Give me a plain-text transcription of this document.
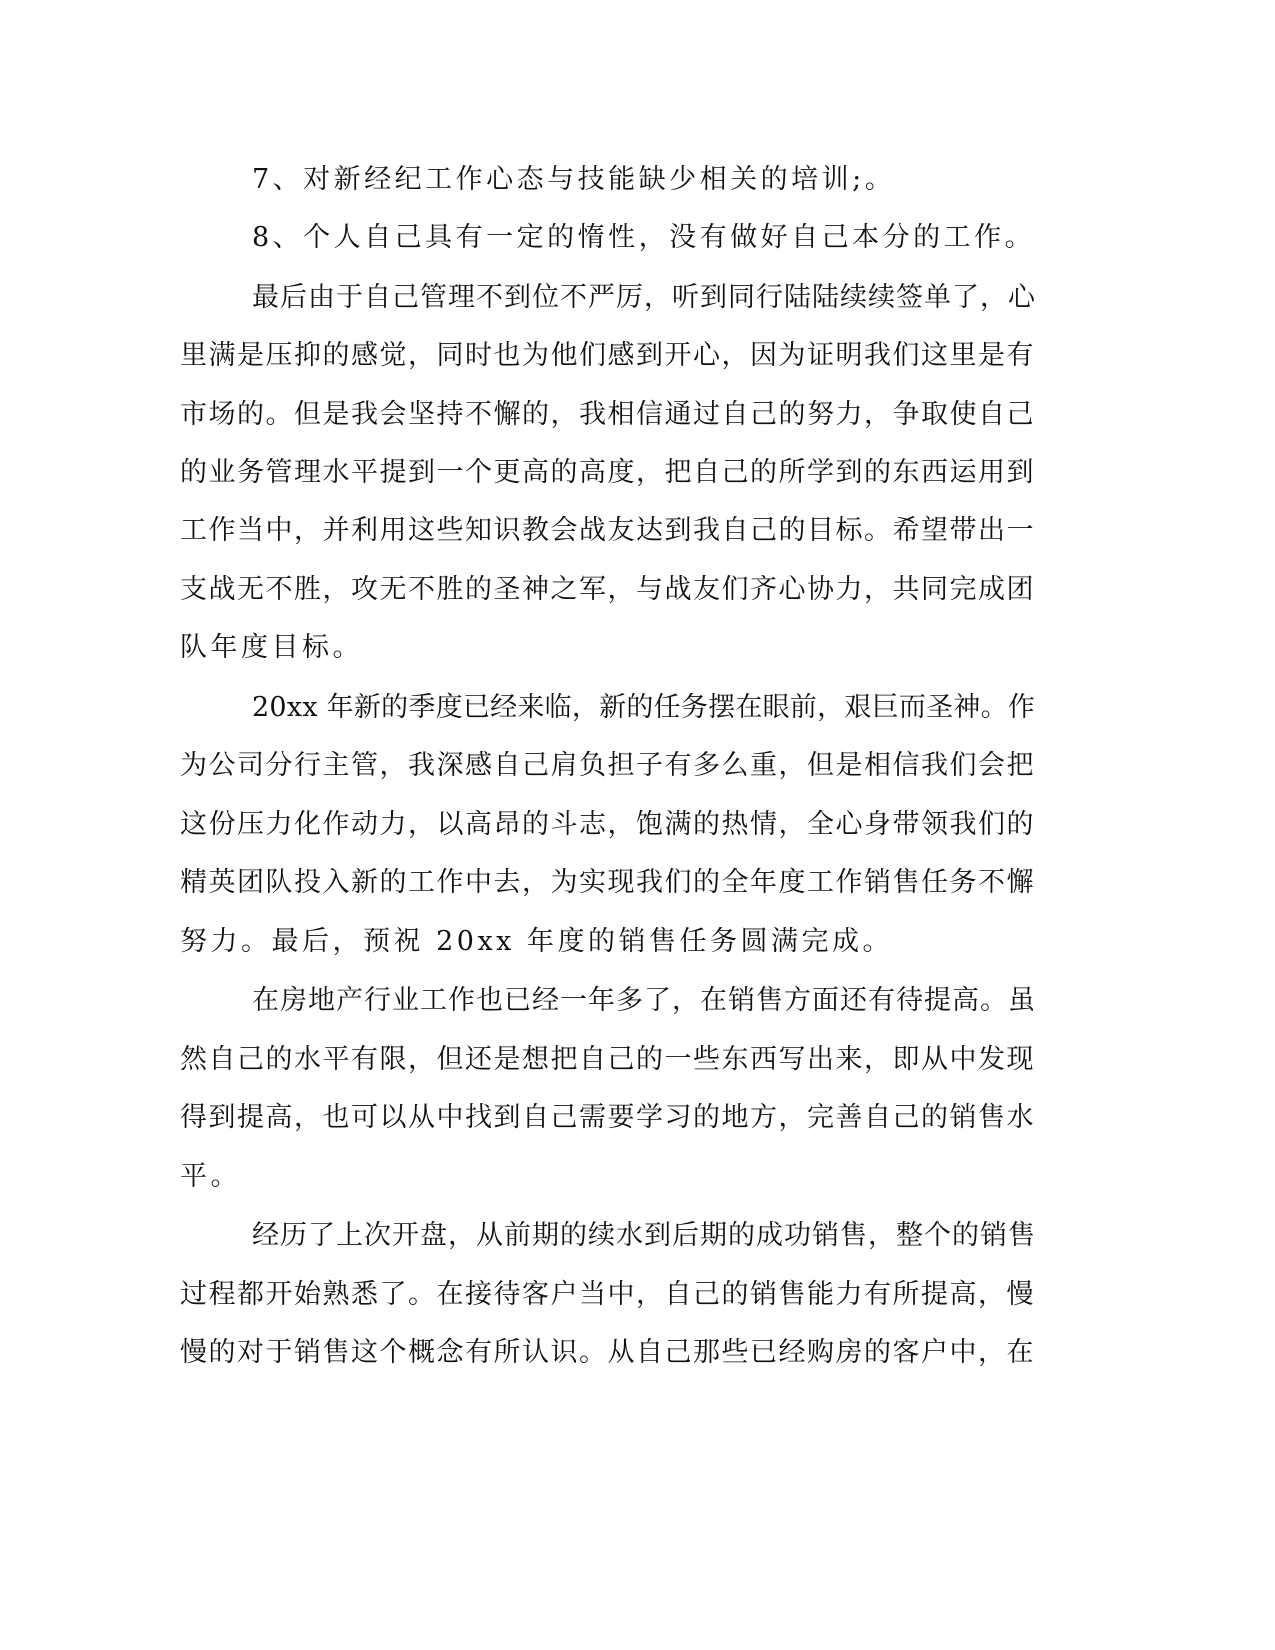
7、对新经纪工作心态与技能缺少相关的培训;。
8、个人自己具有一定的惰性，没有做好自己本分的工作。
最后由于自己管理不到位不严厉，听到同行陆陆续续签单了，心
里满是压抑的感觉，同时也为他们感到开心，因为证明我们这里是有
市场的。但是我会坚持不懈的，我相信通过自己的努力，争取使自己
的业务管理水平提到一个更高的高度，把自己的所学到的东西运用到
工作当中，并利用这些知识教会战友达到我自己的目标。希望带出一
支战无不胜，攻无不胜的圣神之军，与战友们齐心协力，共同完成团
队年度目标。
20xx 年新的季度已经来临，新的任务摆在眼前，艰巨而圣神。作
为公司分行主管，我深感自己肩负担子有多么重，但是相信我们会把
这份压力化作动力，以高昂的斗志，饱满的热情，全心身带领我们的
精英团队投入新的工作中去，为实现我们的全年度工作销售任务不懈
努力。最后，预祝 20xx 年度的销售任务圆满完成。
在房地产行业工作也已经一年多了，在销售方面还有待提高。虽
然自己的水平有限，但还是想把自己的一些东西写出来，即从中发现
得到提高，也可以从中找到自己需要学习的地方，完善自己的销售水
平。
经历了上次开盘，从前期的续水到后期的成功销售，整个的销售
过程都开始熟悉了。在接待客户当中，自己的销售能力有所提高，慢
慢的对于销售这个概念有所认识。从自己那些已经购房的客户中，在
